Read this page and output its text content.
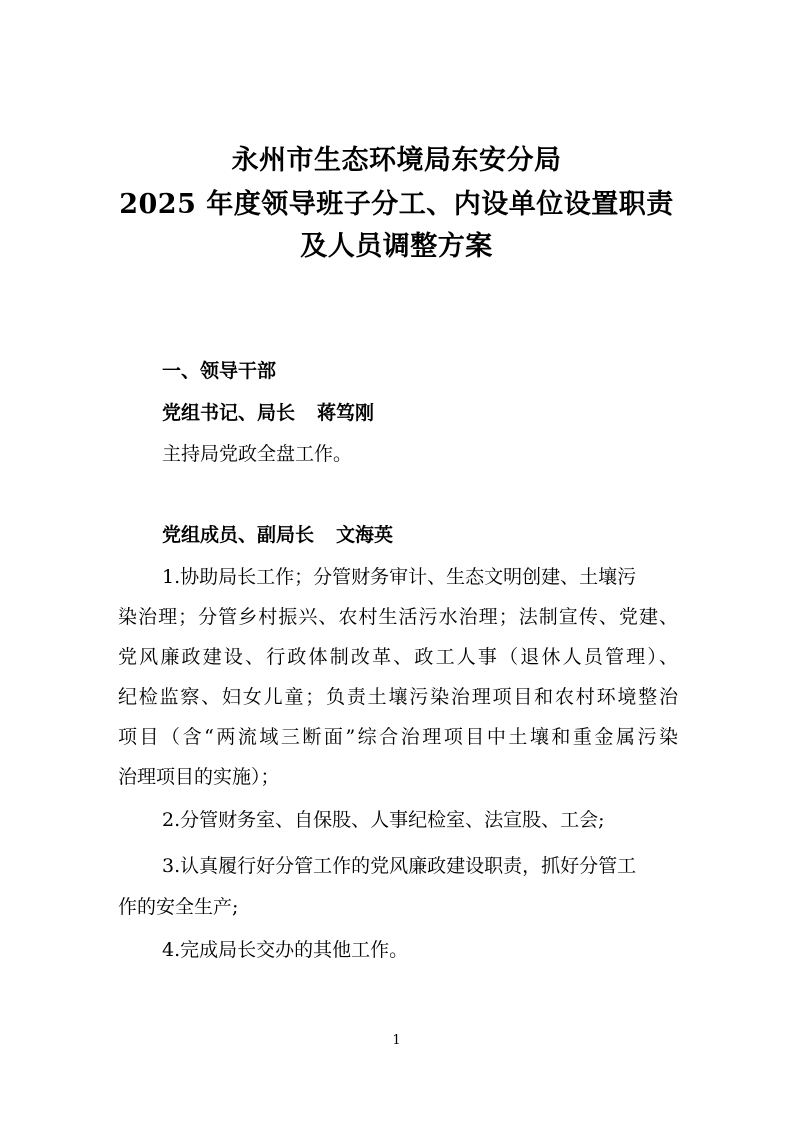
永州市生态环境局东安分局
2025 年度领导班子分工、内设单位设置职责
及人员调整方案
一、领导干部
党组书记、局长 蒋笃刚
主持局党政全盘工作。
党组成员、副局长 文海英
1.协助局长工作；分管财务审计、生态文明创建、土壤污
染治理；分管乡村振兴、农村生活污水治理；法制宣传、党建、
党风廉政建设、行政体制改革、政工人事（退休人员管理）、
纪检监察、妇女儿童；负责土壤污染治理项目和农村环境整治
项目（含“两流域三断面”综合治理项目中土壤和重金属污染
治理项目的实施）；
2.分管财务室、自保股、人事纪检室、法宣股、工会;
3.认真履行好分管工作的党风廉政建设职责，抓好分管工
作的安全生产;
4.完成局长交办的其他工作。
1
